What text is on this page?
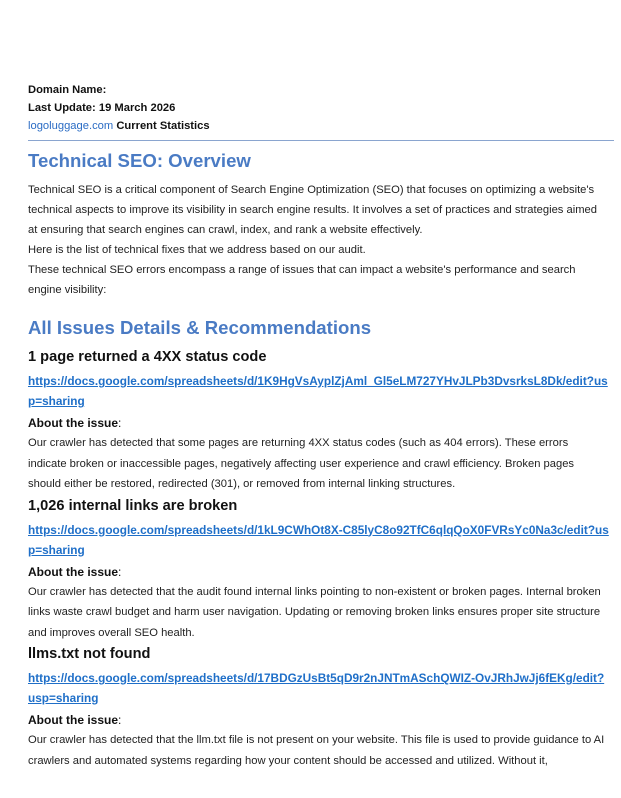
Domain Name:
Last Update: 19 March 2026
logoluggage.com Current Statistics
Technical SEO: Overview

Technical SEO is a critical component of Search Engine Optimization (SEO) that focuses on optimizing a website's technical aspects to improve its visibility in search engine results. It involves a set of practices and strategies aimed at ensuring that search engines can crawl, index, and rank a website effectively.

Here is the list of technical fixes that we address based on our audit.

These technical SEO errors encompass a range of issues that can impact a website's performance and search engine visibility:

All Issues Details & Recommendations
1 page returned a 4XX status code
https://docs.google.com/spreadsheets/d/1K9HgVsAyplZjAml_Gl5eLM727YHvJLPb3DvsrksL8Dk/edit?usp=sharing
About the issue:

Our crawler has detected that some pages are returning 4XX status codes (such as 404 errors). These errors indicate broken or inaccessible pages, negatively affecting user experience and crawl efficiency. Broken pages should either be restored, redirected (301), or removed from internal linking structures.

1,026 internal links are broken
https://docs.google.com/spreadsheets/d/1kL9CWhOt8X-C85lyC8o92TfC6qlqQoX0FVRsYc0Na3c/edit?usp=sharing
About the issue:

Our crawler has detected that the audit found internal links pointing to non-existent or broken pages. Internal broken links waste crawl budget and harm user navigation. Updating or removing broken links ensures proper site structure and improves overall SEO health.

llms.txt not found
https://docs.google.com/spreadsheets/d/17BDGzUsBt5qD9r2nJNTmASchQWIZ-OvJRhJwJj6fEKg/edit?usp=sharing
About the issue:

Our crawler has detected that the llm.txt file is not present on your website. This file is used to provide guidance to AI crawlers and automated systems regarding how your content should be accessed and utilized. Without it,
